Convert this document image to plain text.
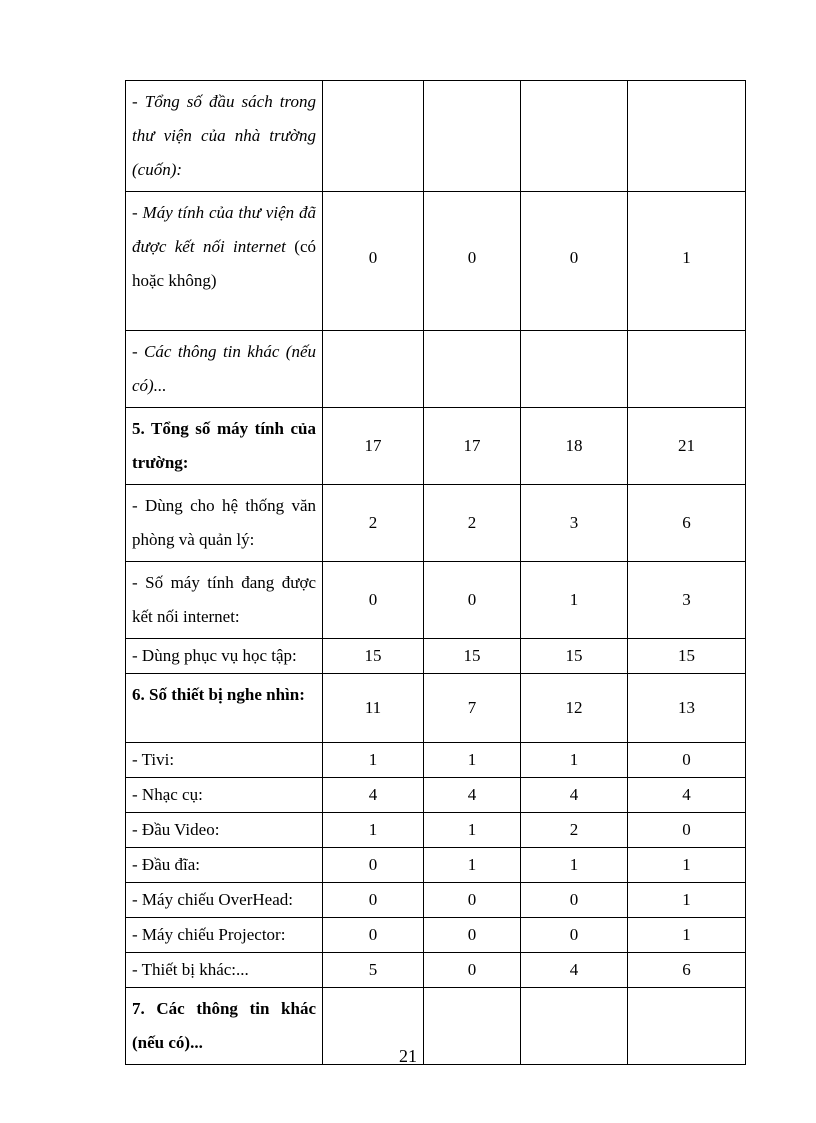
- Tổng số đầu sách trong thư viện của nhà trường (cuốn):				
- Máy tính của thư viện đã được kết nối internet (có hoặc không)	0	0	0	1
- Các thông tin khác (nếu có)...				
5. Tổng số máy tính của trường:	17	17	18	21
- Dùng cho hệ thống văn phòng và quản lý:	2	2	3	6
- Số máy tính đang được kết nối internet:	0	0	1	3
- Dùng phục vụ học tập:	15	15	15	15
6. Số thiết bị nghe nhìn:	11	7	12	13
- Tivi:	1	1	1	0
- Nhạc cụ:	4	4	4	4
- Đầu Video:	1	1	2	0
- Đầu đĩa:	0	1	1	1
- Máy chiếu OverHead:	0	0	0	1
- Máy chiếu Projector:	0	0	0	1
- Thiết bị khác:...	5	0	4	6
7. Các thông tin khác (nếu có)...				
21
